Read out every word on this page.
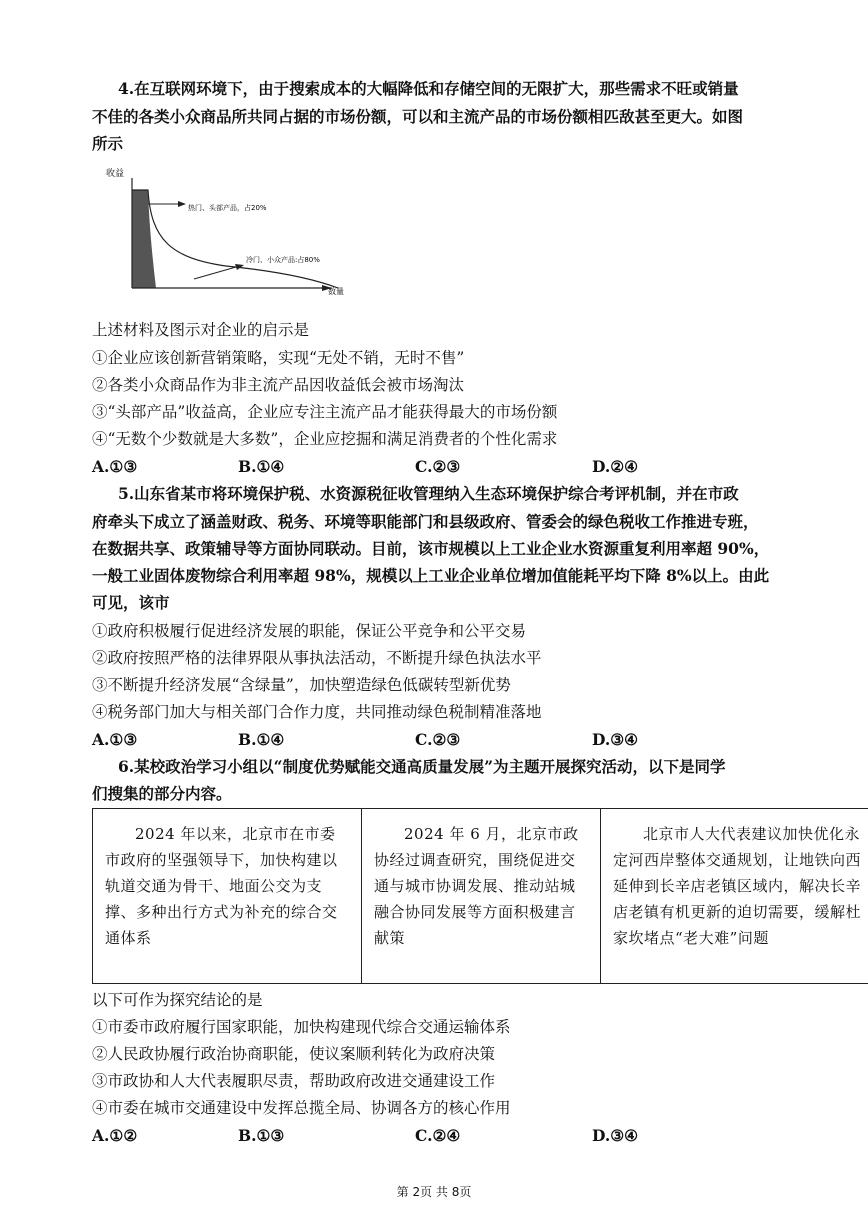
4.在互联网环境下，由于搜索成本的大幅降低和存储空间的无限扩大，那些需求不旺或销量
不佳的各类小众商品所共同占据的市场份额，可以和主流产品的市场份额相匹敌甚至更大。如图
所示
收益
数量
热门、头部产品，占20%
冷门、小众产品:占80%
上述材料及图示对企业的启示是
①企业应该创新营销策略，实现“无处不销，无时不售”
②各类小众商品作为非主流产品因收益低会被市场淘汰
③“头部产品”收益高，企业应专注主流产品才能获得最大的市场份额
④“无数个少数就是大多数”，企业应挖掘和满足消费者的个性化需求
A.①③	B.①④	C.②③	D.②④
5.山东省某市将环境保护税、水资源税征收管理纳入生态环境保护综合考评机制，并在市政
府牵头下成立了涵盖财政、税务、环境等职能部门和县级政府、管委会的绿色税收工作推进专班，
在数据共享、政策辅导等方面协同联动。目前，该市规模以上工业企业水资源重复利用率超 90%，
一般工业固体废物综合利用率超 98%，规模以上工业企业单位增加值能耗平均下降 8%以上。由此
可见，该市
①政府积极履行促进经济发展的职能，保证公平竞争和公平交易
②政府按照严格的法律界限从事执法活动，不断提升绿色执法水平
③不断提升经济发展“含绿量”，加快塑造绿色低碳转型新优势
④税务部门加大与相关部门合作力度，共同推动绿色税制精准落地
A.①③	B.①④	C.②③	D.③④
6.某校政治学习小组以“制度优势赋能交通高质量发展”为主题开展探究活动，以下是同学
们搜集的部分内容。
2024 年以来，北京市在市委市政府的坚强领导下，加快构建以轨道交通为骨干、地面公交为支撑、多种出行方式为补充的综合交通体系	2024 年 6 月，北京市政协经过调查研究，围绕促进交通与城市协调发展、推动站城融合协同发展等方面积极建言献策	北京市人大代表建议加快优化永定河西岸整体交通规划，让地铁向西延伸到长辛店老镇区域内，解决长辛店老镇有机更新的迫切需要，缓解杜家坎堵点“老大难”问题
以下可作为探究结论的是
①市委市政府履行国家职能，加快构建现代综合交通运输体系
②人民政协履行政治协商职能，使议案顺利转化为政府决策
③市政协和人大代表履职尽责，帮助政府改进交通建设工作
④市委在城市交通建设中发挥总揽全局、协调各方的核心作用
A.①②	B.①③	C.②④	D.③④
第 2页 共 8页
